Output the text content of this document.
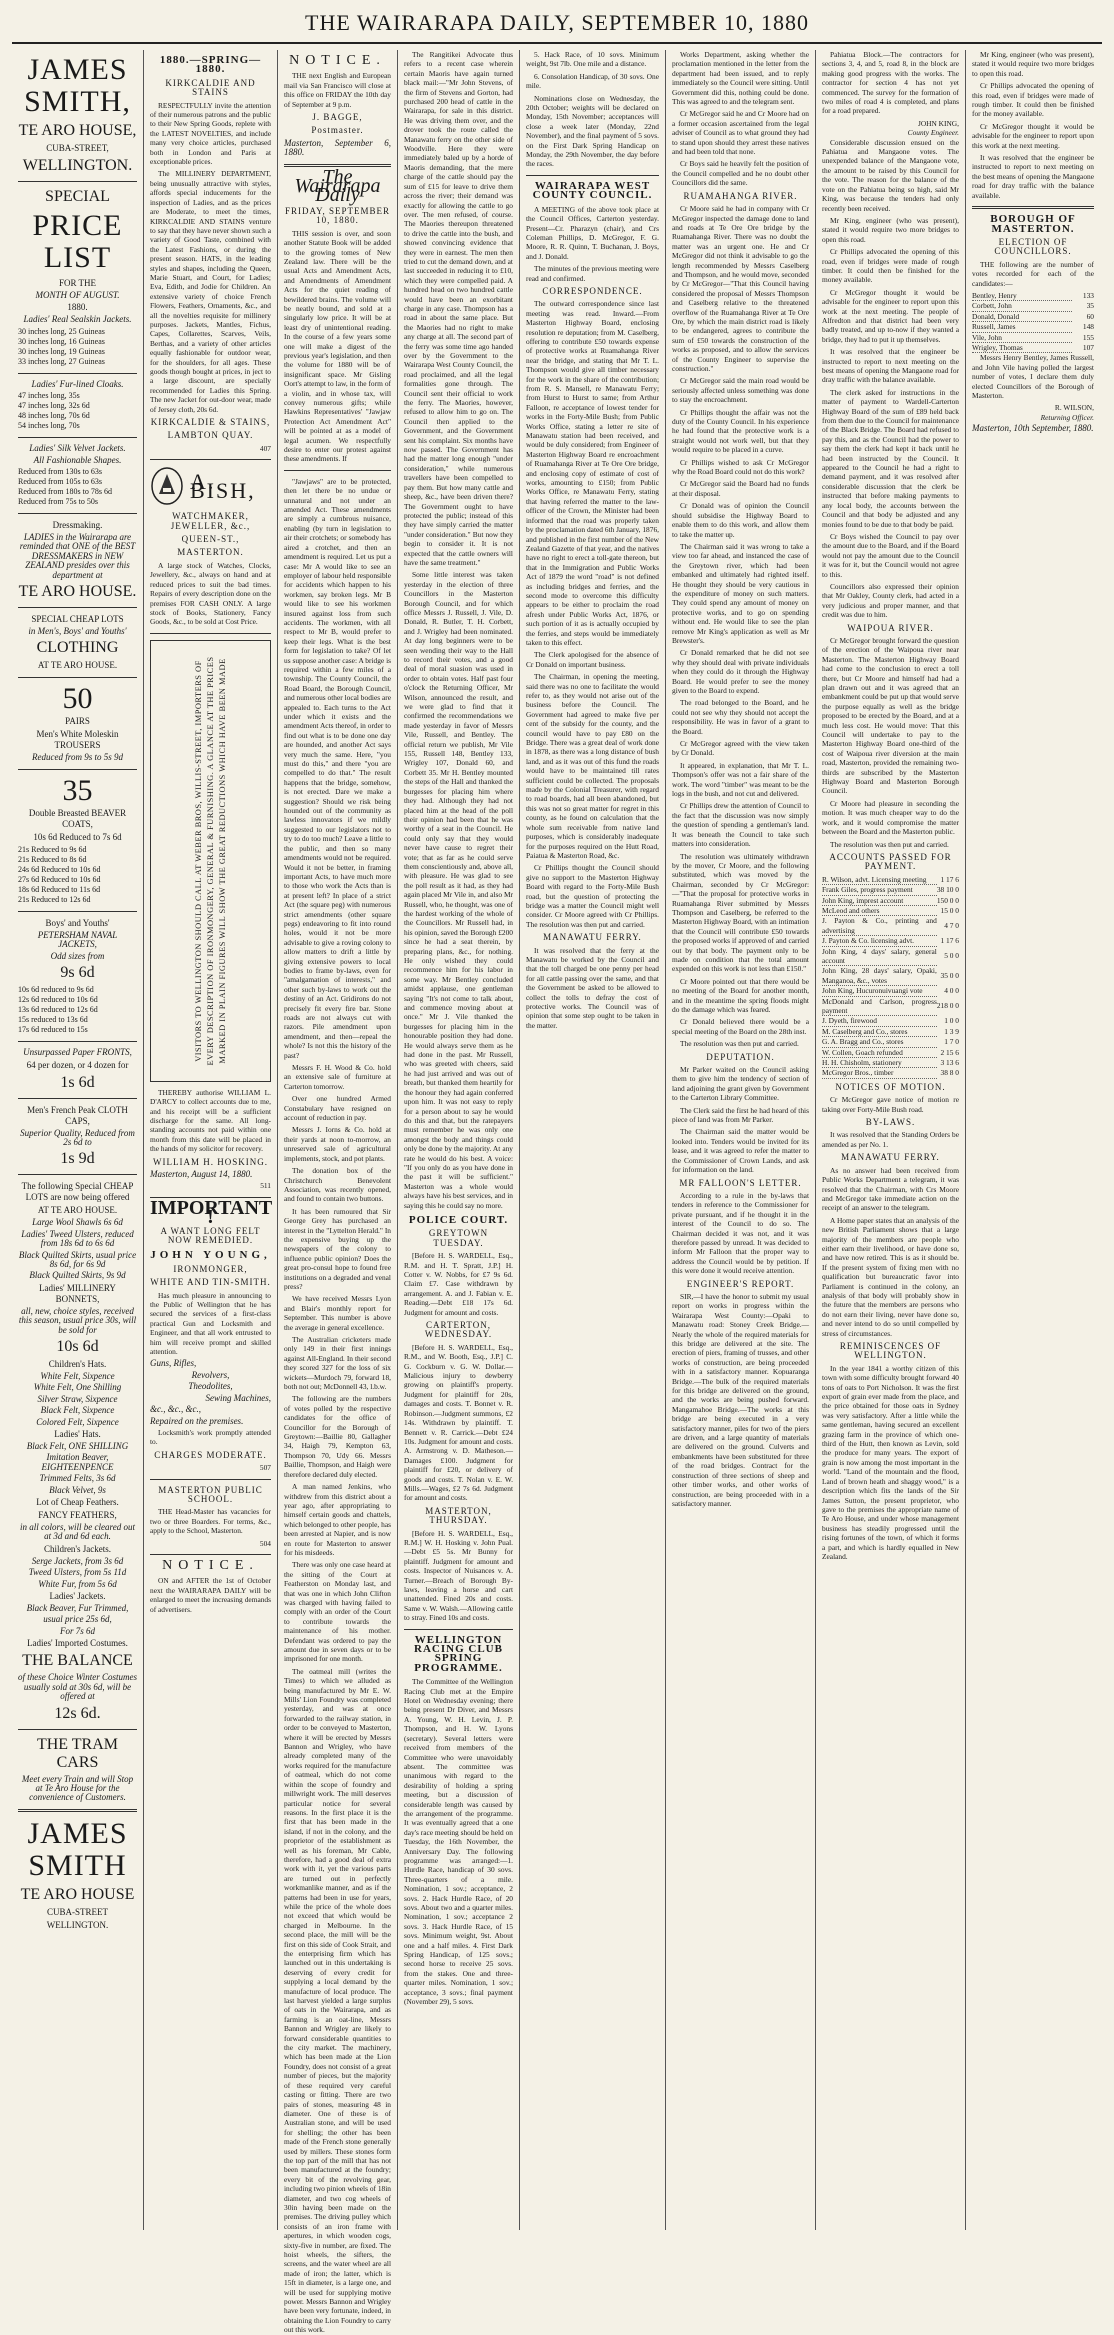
THE WAIRARAPA DAILY, SEPTEMBER 10, 1880
JAMES SMITH,
TE ARO HOUSE,
CUBA-STREET,
WELLINGTON.
SPECIAL
PRICE LIST
FOR THE
MONTH OF AUGUST.
1880.
Ladies' Real Sealskin Jackets.
30 inches long, 25 Guineas
30 inches long, 16 Guineas
30 inches long, 19 Guineas
33 inches long, 27 Guineas
Ladies' Fur-lined Cloaks.
47 inches long, 35s
47 inches long, 32s 6d
48 inches long, 70s 6d
54 inches long, 70s
Ladies' Silk Velvet Jackets.
All Fashionable Shapes.
Reduced from 130s to 63s
Reduced from 105s to 63s
Reduced from 180s to 78s 6d
Reduced from 75s to 50s
Dressmaking.
LADIES in the Wairarapa are reminded that ONE of the BEST DRESSMAKERS in NEW ZEALAND presides over this department at
TE ARO HOUSE.
SPECIAL CHEAP LOTS
in Men's, Boys' and Youths'
CLOTHING
AT TE ARO HOUSE.
50
PAIRS
Men's White Moleskin TROUSERS
Reduced from 9s to 5s 9d
35
Double Breasted BEAVER COATS,
10s 6d Reduced to 7s 6d
21s Reduced to 9s 6d
21s Reduced to 8s 6d
24s 6d Reduced to 10s 6d
27s 6d Reduced to 10s 6d
18s 6d Reduced to 11s 6d
21s Reduced to 12s 6d
Boys' and Youths'
PETERSHAM NAVAL JACKETS,
Odd sizes from
9s 6d
10s 6d reduced to 9s 6d
12s 6d reduced to 10s 6d
13s 6d reduced to 12s 6d
15s reduced to 13s 6d
17s 6d reduced to 15s
Unsurpassed Paper FRONTS,
64 per dozen, or 4 dozen for
1s 6d
Men's French Peak CLOTH CAPS,
Superior Quality, Reduced from 2s 6d to
1s 9d
The following Special CHEAP LOTS are now being offered
AT TE ARO HOUSE.
Large Wool Shawls 6s 6d
Ladies' Tweed Ulsters, reduced from 18s 6d to 6s 6d
Black Quilted Skirts, usual price 8s 6d, for 6s 9d
Black Quilted Skirts, 9s 9d
Ladies' MILLINERY BONNETS,
all, new, choice styles, received this season, usual price 30s, will be sold for
10s 6d
Children's Hats.
White Felt, Sixpence
White Felt, One Shilling
Silver Straw, Sixpence
Black Felt, Sixpence
Colored Felt, Sixpence
Ladies' Hats.
Black Felt, ONE SHILLING
Imitation Beaver, EIGHTEENPENCE
Trimmed Felts, 3s 6d
Black Velvet, 9s
Lot of Cheap Feathers.
FANCY FEATHERS,
in all colors, will be cleared out at 3d and 6d each.
Children's Jackets.
Serge Jackets, from 3s 6d
Tweed Ulsters, from 5s 11d
White Fur, from 5s 6d
Ladies' Jackets.
Black Beaver, Fur Trimmed,
usual price 25s 6d,
For 7s 6d
Ladies' Imported Costumes.
THE BALANCE
of these Choice Winter Costumes usually sold at 30s 6d, will be offered at
12s 6d.
THE TRAM CARS
Meet every Train and will Stop at Te Aro House for the convenience of Customers.
JAMES SMITH
TE ARO HOUSE
CUBA-STREET
WELLINGTON.
1880.—SPRING—1880.
KIRKCALDIE AND STAINS

RESPECTFULLY invite the attention of their numerous patrons and the public to their New Spring Goods, replete with the LATEST NOVELTIES, and include many very choice articles, purchased both in London and Paris at exceptionable prices.

The MILLINERY DEPARTMENT, being unusually attractive with styles, affords special inducements for the inspection of Ladies, and as the prices are Moderate, to meet the times, KIRKCALDIE AND STAINS venture to say that they have never shown such a variety of Good Taste, combined with the Latest Fashions, or during the present season. HATS, in the leading styles and shapes, including the Queen, Marie Stuart, and Court, for Ladies; Eva, Edith, and Jodie for Children. An extensive variety of choice French Flowers, Feathers, Ornaments, &c., and all the novelties requisite for millinery purposes. Jackets, Mantles, Fichus, Capes, Collarettes, Scarves, Veils, Berthas, and a variety of other articles equally fashionable for outdoor wear, for the shoulders, for all ages. These goods though bought at prices, in ject to a large discount, are specially recommended for Ladies this Spring. The new Jacket for out-door wear, made of Jersey cloth, 20s 6d.

KIRKCALDIE & STAINS,
LAMBTON QUAY.
407
A. BISH,
WATCHMAKER, JEWELLER, &c.,
QUEEN-ST.,
MASTERTON.

A large stock of Watches, Clocks, Jewellery, &c., always on hand and at reduced prices to suit the bad times. Repairs of every description done on the premises FOR CASH ONLY. A large stock of Books, Stationery, Fancy Goods, &c., to be sold at Cost Price.

VISITORS TO WELLINGTON SHOULD CALL AT WEBER BROS, WILLIS-STREET, IMPORTERS OF EVERY DESCRIPTION OF IRONMONGERY, GENERAL & FURNISHING. A GLANCE AT THE PRICES MARKED IN PLAIN FIGURES WILL SHOW THE GREAT REDUCTIONS WHICH HAVE BEEN MADE

THEREBY authorise WILLIAM L. D'ARCY to collect accounts due to me, and his receipt will be a sufficient discharge for the same. All long-standing accounts not paid within one month from this date will be placed in the hands of my solicitor for recovery.

WILLIAM H. HOSKING.
Masterton, August 14, 1880.
511
IMPORTANT !
A WANT LONG FELT NOW REMEDIED.
JOHN YOUNG,
IRONMONGER,
WHITE AND TIN-SMITH.

Has much pleasure in announcing to the Public of Wellington that he has secured the services of a first-class practical Gun and Locksmith and Engineer, and that all work entrusted to him will receive prompt and skilled attention.

Guns, Rifles,
Revolvers,
Theodolites,
Sewing Machines,
&c., &c., &c.,
Repaired on the premises.

Locksmith's work promptly attended to.

CHARGES MODERATE.
507
MASTERTON PUBLIC SCHOOL.

THE Head-Master has vacancies for two or three Boarders. For terms, &c., apply to the School, Masterton.

504
NOTICE.

ON and AFTER the 1st of October next the WAIRARAPA DAILY will be enlarged to meet the increasing demands of advertisers.

NOTICE.

THE next English and European mail via San Francisco will close at this office on FRIDAY the 10th day of September at 9 p.m.

J. BAGGE,
Postmaster.
Masterton, September 6, 1880.
The Wairarapa Daily
FRIDAY, SEPTEMBER 10, 1880.

THIS session is over, and soon another Statute Book will be added to the growing tomes of New Zealand law. There will be the usual Acts and Amendment Acts, and Amendments of Amendment Acts for the quiet reading of bewildered brains. The volume will be neatly bound, and sold at a singularly low price. It will be at least dry of unintentional reading. In the course of a few years some one will make a digest of the previous year's legislation, and then the volume for 1880 will be of insignificant space. Mr Gisling Oort's attempt to law, in the form of a violin, and in whose tax, will convey numerous gifts; while Hawkins Representatives' "Jawjaw Protection Act Amendment Act" will be pointed at as a model of legal acumen. We respectfully desire to enter our protest against these amendments. If

"Jawjaws" are to be protected, then let there be no undue or unnatural and not under an amended Act. These amendments are simply a cumbrous nuisance, enabling (by turn in legislation to air their crotchets; or somebody has aired a crotchet, and then an amendment is required. Let us put a case: Mr A would like to see an employer of labour held responsible for accidents which happen to his workmen, say broken legs. Mr B would like to see his workmen insured against loss from such accidents. The workmen, with all respect to Mr B, would prefer to keep their legs. What is the best form for legislation to take? Of let us suppose another case: A bridge is required within a few miles of a township. The County Council, the Road Board, the Borough Council, and numerous other local bodies are appealed to. Each turns to the Act under which it exists and the amendment Acts thereof, in order to find out what is to be done one day are hounded, and another Act says very much the same. Here, "you must do this," and there "you are compelled to do that." The result happens that the bridge, somehow, is not erected. Dare we make a suggestion? Should we risk being hounded out of the community as lawless innovators if we mildly suggested to our legislators not to try to do too much? Leave a little to the public, and then so many amendments would not be required. Would it not be better, in framing important Acts, to have much more to those who work the Acts than is at present left? In place of a strict Act (the square peg) with numerous strict amendments (other square pegs) endeavoring to fit into round holes, would it not be more advisable to give a roving colony to allow matters to drift a little by giving extensive powers to local bodies to frame by-laws, even for "amalgamation of interests," and other such by-laws to work out the destiny of an Act. Gridirons do not precisely fit every fire bar. Stone roads are not always cut with razors. Pile amendment upon amendment, and then—repeal the whole? Is not this the history of the past?

Messrs F. H. Wood & Co. hold an extensive sale of furniture at Carterton tomorrow.

Over one hundred Armed Constabulary have resigned on account of reduction in pay.

Messrs J. Iorns & Co. hold at their yards at noon to-morrow, an unreserved sale of agricultural implements, stock, and pot plants.

The donation box of the Christchurch Benevolent Association, was recently opened, and found to contain two buttons.

It has been rumoured that Sir George Grey has purchased an interest in the "Lyttelton Herald." In the expensive buying up the newspapers of the colony to influence public opinion? Does the great pro-consul hope to found free institutions on a degraded and venal press?

We have received Messrs Lyon and Blair's monthly report for September. This number is above the average in general excellence.

The Australian cricketers made only 149 in their first innings against All-England. In their second they scored 327 for the loss of six wickets—Murdoch 79, forward 18, both not out; McDonnell 43, l.b.w.

The following are the numbers of votes polled by the respective candidates for the office of Councillor for the Borough of Greytown:—Baillie 80, Gallagher 34, Haigh 79, Kempton 63, Thompson 70, Udy 66. Messrs Baillie, Thompson, and Haigh were therefore declared duly elected.

A man named Jenkins, who withdrew from this district about a year ago, after appropriating to himself certain goods and chattels, which belonged to other people, has been arrested at Napier, and is now en route for Masterton to answer for his misdeeds.

There was only one case heard at the sitting of the Court at Featherston on Monday last, and that was one in which John Clifton was charged with having failed to comply with an order of the Court to contribute towards the maintenance of his mother. Defendant was ordered to pay the amount due in seven days or to be imprisoned for one month.

The oatmeal mill (writes the Times) to which we alluded as being manufactured by Mr E. W. Mills' Lion Foundry was completed yesterday, and was at once forwarded to the railway station, in order to be conveyed to Masterton, where it will be erected by Messrs Bannon and Wrigley, who have already completed many of the works required for the manufacture of oatmeal, which do not come within the scope of foundry and millwright work. The mill deserves particular notice for several reasons. In the first place it is the first that has been made in the island, if not in the colony, and the proprietor of the establishment as well as his foreman, Mr Cable, therefore, had a good deal of extra work with it, yet the various parts are turned out in perfectly workmanlike manner, and as if the patterns had been in use for years, while the price of the whole does not exceed that which would be charged in Melbourne. In the second place, the mill will be the first on this side of Cook Strait, and the enterprising firm which has launched out in this undertaking is deserving of every credit for supplying a local demand by the manufacture of local produce. The last harvest yielded a large surplus of oats in the Wairarapa, and as farming is an oat-line, Messrs Bannon and Wrigley are likely to forward considerable quantities to the city market. The machinery, which has been made at the Lion Foundry, does not consist of a great number of pieces, but the majority of these required very careful casting or fitting. There are two pairs of stones, measuring 48 in diameter. One of these is of Australian stone, and will be used for shelling; the other has been made of the French stone generally used by millers. These stones form the top part of the mill that has not been manufactured at the foundry; every bit of the revolving gear, including two pinion wheels of 18in diameter, and two cog wheels of 30in having been made on the premises. The driving pulley which consists of an iron frame with apertures, in which wooden cogs, sixty-five in number, are fixed. The hoist wheels, the sifters, the screens, and the water wheel are all made of iron; the latter, which is 15ft in diameter, is a large one, and will be used for supplying motive power. Messrs Bannon and Wrigley have been very fortunate, indeed, in obtaining the Lion Foundry to carry out this work.

The Rangitikei Advocate thus refers to a recent case wherein certain Maoris have again turned black mail:—"Mr John Stevens, of the firm of Stevens and Gorton, had purchased 200 head of cattle in the Wairarapa, for sale in this district. He was driving them over, and the drover took the route called the Manawatu ferry on the other side of Woodville. Here they were immediately baled up by a horde of Maoris demanding, that the mere charge of the cattle should pay the sum of £15 for leave to drive them across the river; their demand was exactly for allowing the cattle to go over. The men refused, of course. The Maories thereupon threatened to drive the cattle into the bush, and showed convincing evidence that they were in earnest. The men then tried to cut the demand down, and at last succeeded in reducing it to £10, which they were compelled paid. A hundred head on two hundred cattle would have been an exorbitant charge in any case. Thompson has a road in about the same place. But the Maories had no right to make any charge at all. The second part of the ferry was some time ago handed over by the Government to the Wairarapa West County Council, the road proclaimed, and all the legal formalities gone through. The Council sent their official to work the ferry. The Maories, however, refused to allow him to go on. The Council then applied to the Government, and the Government sent his complaint. Six months have now passed. The Government has had the matter long enough "under consideration," while numerous travellers have been compelled to pay them. But how many cattle and sheep, &c., have been driven there? The Government ought to have protected the public; instead of this they have simply carried the matter "under consideration." But now they begin to consider it. It is not expected that the cattle owners will have the same treatment."

Some little interest was taken yesterday in the election of three Councillors in the Masterton Borough Council, and for which office Messrs J. Russell, J. Vile, D. Donald, R. Butler, T. H. Corbett, and J. Wrigley had been nominated. At day long beginners were to be seen wending their way to the Hall to record their votes, and a good deal of moral suasion was used in order to obtain votes. Half past four o'clock the Returning Officer, Mr Wilson, announced the result, and we were glad to find that it confirmed the recommendations we made yesterday in favor of Messrs Vile, Russell, and Bentley. The official return we publish, Mr Vile 155, Russell 148, Bentley 133, Wrigley 107, Donald 60, and Corbett 35. Mr H. Bentley mounted the steps of the Hall and thanked the burgesses for placing him where they had. Although they had not placed him at the head of the poll their opinion had been that he was worthy of a seat in the Council. He could only say that they would never have cause to regret their vote; that as far as he could serve them conscientiously and, above all, with pleasure. He was glad to see the poll result as it had, as they had again placed Mr Vile in, and also Mr Russell, who, he thought, was one of the hardest working of the whole of the Councillors. Mr Russell had, in his opinion, saved the Borough £200 since he had a seat therein, by preparing plans, &c., for nothing. He only wished they could recommence him for his labor in some way. Mr Bentley concluded amidst applause, one gentleman saying "It's not come to talk about, and commence moving about at once." Mr J. Vile thanked the burgesses for placing him in the honourable position they had done. He would always serve them as he had done in the past. Mr Russell, who was greeted with cheers, said he had just arrived and was out of breath, but thanked them heartily for the honour they had again conferred upon him. It was not easy to reply for a person about to say he would do this and that, but the ratepayers must remember he was only one amongst the body and things could only be done by the majority. At any rate he would do his best. A voice: "If you only do as you have done in the past it will be sufficient." Masterton was a whole would always have his best services, and in saying this he could say no more.

POLICE COURT.
GREYTOWN TUESDAY.

[Before H. S. WARDELL, Esq., R.M. and H. T. Spratt, J.P.] H. Cotter v. W. Nobbs, for £7 9s 6d. Claim £7. Case withdrawn by arrangement. A. and J. Fabian v. E. Reading.—Debt £18 17s 6d. Judgment for amount and costs.

CARTERTON, WEDNESDAY.

[Before H. S. WARDELL, Esq., R.M., and W. Booth, Esq., J.P.] C. G. Cockburn v. G. W. Dollar.—Malicious injury to dewberry growing on plaintiff's property. Judgment for plaintiff for 20s, damages and costs. T. Bonnet v. R. Robinson.—Judgment summons, £2 14s. Withdrawn by plaintiff. T. Bennett v. R. Carrick.—Debt £24 10s. Judgment for amount and costs. A. Armstrong v. D. Matheson.—Damages £100. Judgment for plaintiff for £20, or delivery of goods and costs. T. Nolan v. E. W. Mills.—Wages, £2 7s 6d. Judgment for amount and costs.

MASTERTON, THURSDAY.

[Before H. S. WARDELL, Esq., R.M.] W. H. Hosking v. John Pual.—Debt £5 5s. Mr Bunny for plaintiff. Judgment for amount and costs. Inspector of Nuisances v. A. Turner.—Breach of Borough By-laws, leaving a horse and cart unattended. Fined 20s and costs. Same v. W. Walsh.—Allowing cattle to stray. Fined 10s and costs.

WELLINGTON RACING CLUB SPRING PROGRAMME.

The Committee of the Wellington Racing Club met at the Empire Hotel on Wednesday evening; there being present Dr Diver, and Messrs A. Young, W. H. Levin, J. P. Thompson, and H. W. Lyons (secretary). Several letters were received from members of the Committee who were unavoidably absent. The committee was unanimous with regard to the desirability of holding a spring meeting, but a discussion of considerable length was caused by the arrangement of the programme. It was eventually agreed that a one day's race meeting should be held on Tuesday, the 16th November, the Anniversary Day. The following programme was arranged:—1. Hurdle Race, handicap of 30 sovs. Three-quarters of a mile. Nomination, 1 sov.; acceptance, 2 sovs. 2. Hack Hurdle Race, of 20 sovs. About two and a quarter miles. Nomination, 1 sov.; acceptance 2 sovs. 3. Hack Hurdle Race, of 15 sovs. Minimum weight, 9st. About one and a half miles. 4. First Dark Spring Handicap, of 125 sovs.; second horse to receive 25 sovs. from the stakes. One and three-quarter miles. Nomination, 1 sov.; acceptance, 3 sovs.; final payment (November 29), 5 sovs.

5. Hack Race, of 10 sovs. Minimum weight, 9st 7lb. One mile and a distance.

6. Consolation Handicap, of 30 sovs. One mile.

Nominations close on Wednesday, the 20th October; weights will be declared on Monday, 15th November; acceptances will close a week later (Monday, 22nd November), and the final payment of 5 sovs. on the First Dark Spring Handicap on Monday, the 29th November, the day before the races.

WAIRARAPA WEST COUNTY COUNCIL.

A MEETING of the above took place at the Council Offices, Carterton yesterday. Present—Cr. Pharazyn (chair), and Crs Coleman Phillips, D. McGregor, F. G. Moore, R. R. Quinn, T. Buchanan, J. Boys, and J. Donald.

The minutes of the previous meeting were read and confirmed.

CORRESPONDENCE.

The outward correspondence since last meeting was read. Inward.—From Masterton Highway Board, enclosing resolution re deputation; from M. Caselberg, offering to contribute £50 towards expense of protective works at Ruamahanga River near the bridge, and stating that Mr T. L. Thompson would give all timber necessary for the work in the share of the contribution; from R. S. Mansell, re Manawatu Ferry; from Hurst to Hurst to same; from Arthur Falloon, re acceptance of lowest tender for works in the Forty-Mile Bush; from Public Works Office, stating a letter re site of Manawatu station had been received, and would be duly considered; from Engineer of Masterton Highway Board re encroachment of Ruamahanga River at Te Ore Ore bridge, and enclosing copy of estimate of cost of works, amounting to £150; from Public Works Office, re Manawatu Ferry, stating that having referred the matter to the law-officer of the Crown, the Minister had been informed that the road was properly taken by the proclamation dated 6th January, 1876, and published in the first number of the New Zealand Gazette of that year, and the natives have no right to erect a toll-gate thereon, but that in the Immigration and Public Works Act of 1879 the word "road" is not defined as including bridges and ferries, and the second mode to overcome this difficulty appears to be either to proclaim the road afresh under Public Works Act, 1876, or such portion of it as is actually occupied by the ferries, and steps would be immediately taken to this effect.

The Clerk apologised for the absence of Cr Donald on important business.

The Chairman, in opening the meeting, said there was no one to facilitate the would refer to, as they would not arise out of the business before the Council. The Government had agreed to make five per cent of the subsidy for the county, and the council would have to pay £80 on the Bridge. There was a great deal of work done in 1878, as there was a long distance of bush land, and as it was out of this fund the roads would have to be maintained till rates sufficient could be collected. The proposals made by the Colonial Treasurer, with regard to road boards, had all been abandoned, but this was not so great matter for regret in this county, as he found on calculation that the whole sum receivable from native land purposes, which is considerably inadequate for the purposes required on the Hutt Road, Paiatua & Masterton Road, &c.

Cr Phillips thought the Council should give no support to the Masterton Highway Board with regard to the Forty-Mile Bush road, but the question of protecting the bridge was a matter the Council might well consider. Cr Moore agreed with Cr Phillips. The resolution was then put and carried.

MANAWATU FERRY.

It was resolved that the ferry at the Manawatu be worked by the Council and that the toll charged be one penny per head for all cattle passing over the same, and that the Government be asked to be allowed to collect the tolls to defray the cost of protective works. The Council was of opinion that some step ought to be taken in the matter.

Works Department, asking whether the proclamation mentioned in the letter from the department had been issued, and to reply immediately so the Council were sitting. Until Government did this, nothing could be done. This was agreed to and the telegram sent.

Cr McGregor said he and Cr Moore had on a former occasion ascertained from the legal adviser of Council as to what ground they had to stand upon should they arrest these natives and had been told that none.

Cr Boys said he heavily felt the position of the Council compelled and he no doubt other Councillors did the same.

RUAMAHANGA RIVER.

Cr Moore said he had in company with Cr McGregor inspected the damage done to land and roads at Te Ore Ore bridge by the Ruamahanga River. There was no doubt the matter was an urgent one. He and Cr McGregor did not think it advisable to go the length recommended by Messrs Caselberg and Thompson, and he would move, seconded by Cr McGregor—"That this Council having considered the proposal of Messrs Thompson and Caselberg relative to the threatened overflow of the Ruamahanga River at Te Ore Ore, by which the main district road is likely to be endangered, agrees to contribute the sum of £50 towards the construction of the works as proposed, and to allow the services of the County Engineer to supervise the construction."

Cr McGregor said the main road would be seriously affected unless something was done to stay the encroachment.

Cr Phillips thought the affair was not the duty of the County Council. In his experience he had found that the protective work is a straight would not work well, but that they would require to be placed in a curve.

Cr Phillips wished to ask Cr McGregor why the Road Board could not do this work?

Cr McGregor said the Board had no funds at their disposal.

Cr Donald was of opinion the Council should subsidise the Highway Board to enable them to do this work, and allow them to take the matter up.

The Chairman said it was wrong to take a view too far ahead, and instanced the case of the Greytown river, which had been embanked and ultimately had righted itself. He thought they should be very cautious in the expenditure of money on such matters. They could spend any amount of money on protective works, and to go on spending without end. He would like to see the plan remove Mr King's application as well as Mr Brewster's.

Cr Donald remarked that he did not see why they should deal with private individuals when they could do it through the Highway Board. He would prefer to see the money given to the Board to expend.

The road belonged to the Board, and he could not see why they should not accept the responsibility. He was in favor of a grant to the Board.

Cr McGregor agreed with the view taken by Cr Donald.

It appeared, in explanation, that Mr T. L. Thompson's offer was not a fair share of the work. The word "timber" was meant to be the logs in the bush, and not cut and delivered.

Cr Phillips drew the attention of Council to the fact that the discussion was now simply the question of spending a gentleman's land. It was beneath the Council to take such matters into consideration.

The resolution was ultimately withdrawn by the mover, Cr Moore, and the following substituted, which was moved by the Chairman, seconded by Cr McGregor:—"That the proposal for protective works in Ruamahanga River submitted by Messrs Thompson and Caselberg, be referred to the Masterton Highway Board, with an intimation that the Council will contribute £50 towards the proposed works if approved of and carried out by that body. The payment only to be made on condition that the total amount expended on this work is not less than £150."

Cr Moore pointed out that there would be no meeting of the Board for another month, and in the meantime the spring floods might do the damage which was feared.

Cr Donald believed there would be a special meeting of the Board on the 28th inst.

The resolution was then put and carried.

DEPUTATION.

Mr Parker waited on the Council asking them to give him the tendency of section of land adjoining the grant given by Government to the Carterton Library Committee.

The Clerk said the first he had heard of this piece of land was from Mr Parker.

The Chairman said the matter would be looked into. Tenders would be invited for its lease, and it was agreed to refer the matter to the Commissioner of Crown Lands, and ask for information on the land.

MR FALLOON'S LETTER.

According to a rule in the by-laws that tenders in reference to the Commissioner for private pursuant, and if he thought it in the interest of the Council to do so. The Chairman decided it was not, and it was therefore passed by unread. It was decided to inform Mr Falloon that the proper way to address the Council would be by petition. If this were done it would receive attention.

ENGINEER'S REPORT.

SIR,—I have the honor to submit my usual report on works in progress within the Wairarapa West County:—Opaki to Manawatu road: Stoney Creek Bridge.—Nearly the whole of the required materials for this bridge are delivered at the site. The erection of piers, framing of trusses, and other works of construction, are being proceeded with in a satisfactory manner. Kopuaranga Bridge.—The bulk of the required materials for this bridge are delivered on the ground, and the works are being pushed forward. Mangamahoe Bridge.—The works at this bridge are being executed in a very satisfactory manner, piles for two of the piers are driven, and a large quantity of materials are delivered on the ground. Culverts and embankments have been substituted for three of the road bridges. Contract for the construction of three sections of sheep and other timber works, and other works of construction, are being proceeded with in a satisfactory manner.

Pahiatua Block.—The contractors for sections 3, 4, and 5, road 8, in the block are making good progress with the works. The contractor for section 4 has not yet commenced. The survey for the formation of two miles of road 4 is completed, and plans for a road prepared.

JOHN KING,
County Engineer.

Considerable discussion ensued on the Pahiatua and Mangaone votes. The unexpended balance of the Mangaone vote, the amount to be raised by this Council for the vote. The reason for the balance of the vote on the Pahiatua being so high, said Mr King, was because the tenders had only recently been received.

Mr King, engineer (who was present), stated it would require two more bridges to open this road.

Cr Phillips advocated the opening of this road, even if bridges were made of rough timber. It could then be finished for the money available.

Cr McGregor thought it would be advisable for the engineer to report upon this work at the next meeting. The people of Alfredton and that district had been very badly treated, and up to-now if they wanted a bridge, they had to put it up themselves.

It was resolved that the engineer be instructed to report to next meeting on the best means of opening the Mangaone road for dray traffic with the balance available.

The clerk asked for instructions in the matter of payment to Wardell-Carterton Highway Board of the sum of £89 held back from them due to the Council for maintenance of the Black Bridge. The Board had refused to pay this, and as the Council had the power to say them the clerk had kept it back until he had been instructed by the Council. It appeared to the Council he had a right to demand payment, and it was resolved after considerable discussion that the clerk be instructed that before making payments to any local body, the accounts between the Council and that body be adjusted and any monies found to be due to that body be paid.

Cr Boys wished the Council to pay over the amount due to the Board, and if the Board would not pay the amount due to the Council it was for it, but the Council would not agree to this.

Councillors also expressed their opinion that Mr Oakley, County clerk, had acted in a very judicious and proper manner, and that credit was due to him.

WAIPOUA RIVER.

Cr McGregor brought forward the question of the erection of the Waipoua river near Masterton. The Masterton Highway Board had come to the conclusion to erect a toll there, but Cr Moore and himself had had a plan drawn out and it was agreed that an embankment could be put up that would serve the purpose equally as well as the bridge proposed to be erected by the Board, and at a much less cost. He would move: That this Council will undertake to pay to the Masterton Highway Board one-third of the cost of Waipoua river diversion at the main road, Masterton, provided the remaining two-thirds are subscribed by the Masterton Highway Board and Masterton Borough Council.

Cr Moore had pleasure in seconding the motion. It was much cheaper way to do the work, and it would compromise the matter between the Board and the Masterton public.

The resolution was then put and carried.

ACCOUNTS PASSED FOR PAYMENT.
R. Wilson, advt. Licensing meeting	1 17 6
Frank Giles, progress payment	38 10 0
John King, imprest account	150 0 0
McLeod and others	15 0 0
J. Payton & Co., printing and advertising	4 7 0
J. Payton & Co. licensing advt.	1 17 6
John King, 4 days' salary, general account	5 0 0
John King, 28 days' salary, Opaki, Manganoa, &c., votes	35 0 0
John King, Hucuronuivuangi vote	4 0 0
McDonald and Carlson, progress payment	218 0 0
J. Dyeth, firewood	1 0 0
M. Caselberg and Co., stores	1 3 9
G. A. Bragg and Co., stores	1 7 0
W. Collen, Goach refunded	2 15 6
H. H. Chisholm, stationery	3 13 6
McGregor Bros., timber	38 8 0
NOTICES OF MOTION.

Cr McGregor gave notice of motion re taking over Forty-Mile Bush road.

BY-LAWS.

It was resolved that the Standing Orders be amended as per No. 1.

MANAWATU FERRY.

As no answer had been received from Public Works Department a telegram, it was resolved that the Chairman, with Crs Moore and McGregor take immediate action on the receipt of an answer to the telegram.

A Home paper states that an analysis of the new British Parliament shows that a large majority of the members are people who either earn their livelihood, or have done so, and have now retired. This is as it should be. If the present system of fixing men with no qualification but bureaucratic favor into Parliament is continued in the colony, an analysis of that body will probably show in the future that the members are persons who do not earn their living, never have done so, and never intend to do so until compelled by stress of circumstances.

REMINISCENCES OF WELLINGTON.

In the year 1841 a worthy citizen of this town with some difficulty brought forward 40 tons of oats to Port Nicholson. It was the first export of grain ever made from the place, and the price obtained for those oats in Sydney was very satisfactory. After a little while the same gentleman, having secured an excellent grazing farm in the province of which one-third of the Hutt, then known as Levin, sold the produce for many years. The export of grain is now among the most important in the world. "Land of the mountain and the flood, Land of brown heath and shaggy wood," is a description which fits the lands of the Sir James Sutton, the present proprietor, who gave to the premises the appropriate name of Te Aro House, and under whose management business has steadily progressed until the rising fortunes of the town, of which it forms a part, and which is hardly equalled in New Zealand.

Mr King, engineer (who was present), stated it would require two more bridges to open this road.

Cr Phillips advocated the opening of this road, even if bridges were made of rough timber. It could then be finished for the money available.

Cr McGregor thought it would be advisable for the engineer to report upon this work at the next meeting.

It was resolved that the engineer be instructed to report to next meeting on the best means of opening the Mangaone road for dray traffic with the balance available.

BOROUGH OF MASTERTON.
ELECTION OF COUNCILLORS.

THE following are the number of votes recorded for each of the candidates:—

Bentley, Henry	133
Corbett, John	35
Donald, Donald	60
Russell, James	148
Vile, John	155
Wrigley, Thomas	107

Messrs Henry Bentley, James Russell, and John Vile having polled the largest number of votes, I declare them duly elected Councillors of the Borough of Masterton.

R. WILSON,
Returning Officer.
Masterton, 10th September, 1880.
